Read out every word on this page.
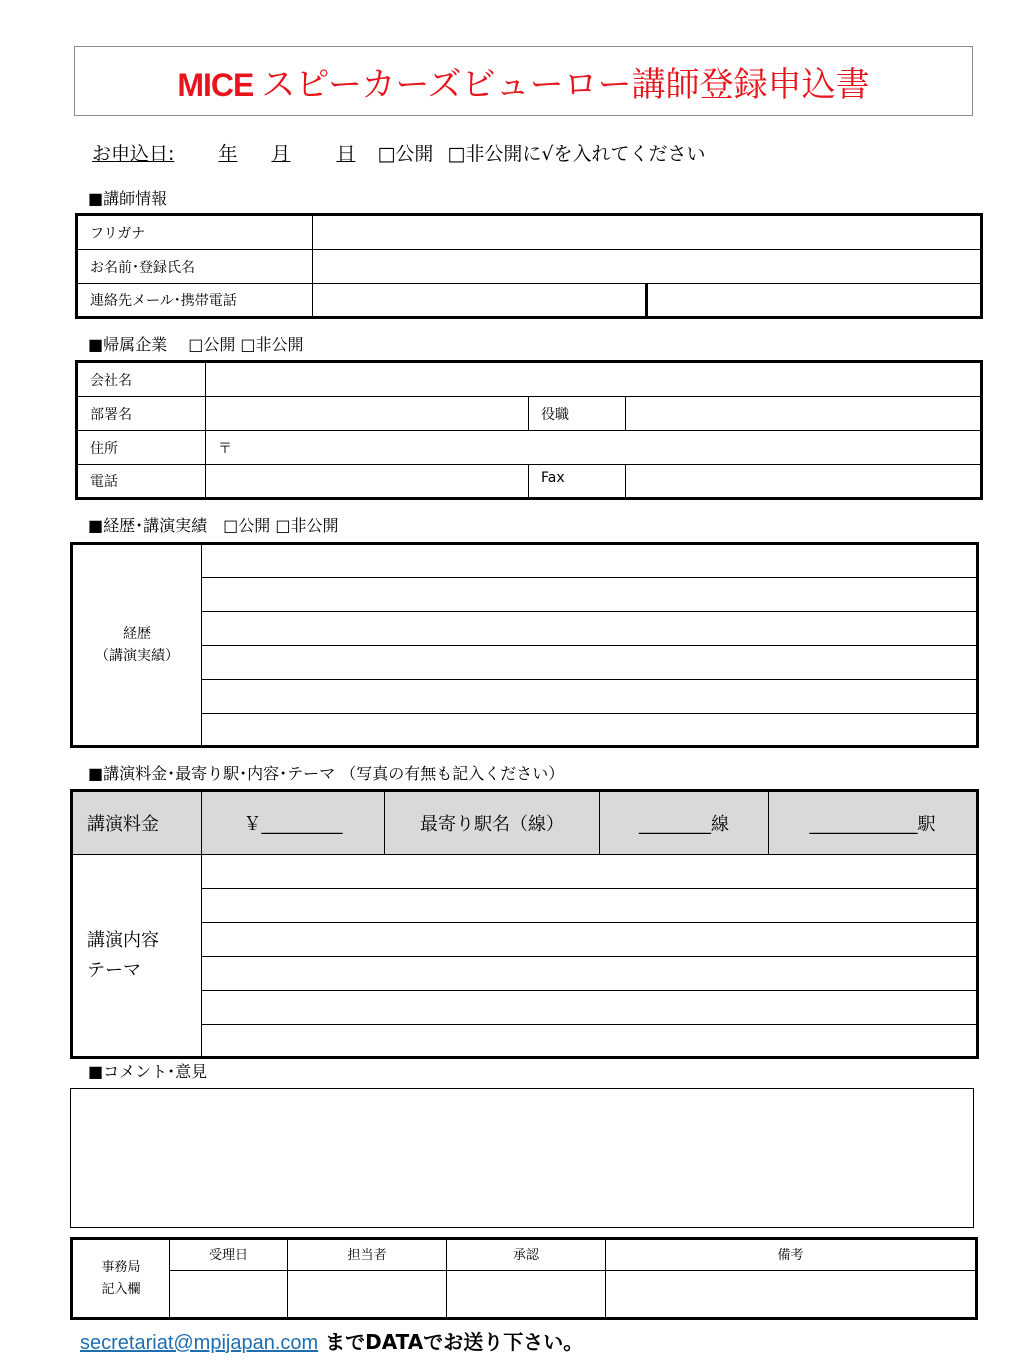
MICE スピーカーズビューロー講師登録申込書
お申込日: 年 月 日 □公開 □非公開に√を入れてください
■講師情報
フリガナ		
お名前･登録氏名		
連絡先メール･携帯電話		
■帰属企業　 □公開 □非公開
会社名			
部署名		役職	
住所	〒		
電話		Fax	
■経歴･講演実績　□公開 □非公開
経歴
（講演実績）

■講演料金･最寄り駅･内容･テーマ （写真の有無も記入ください）
講演料金	￥_________	最寄り駅名（線）	________線	____________駅

講演内容
テーマ				

■コメント･意見
事務局
記入欄	受理日	担当者	承認	備考

secretariat@mpijapan.com までDATAでお送り下さい。
